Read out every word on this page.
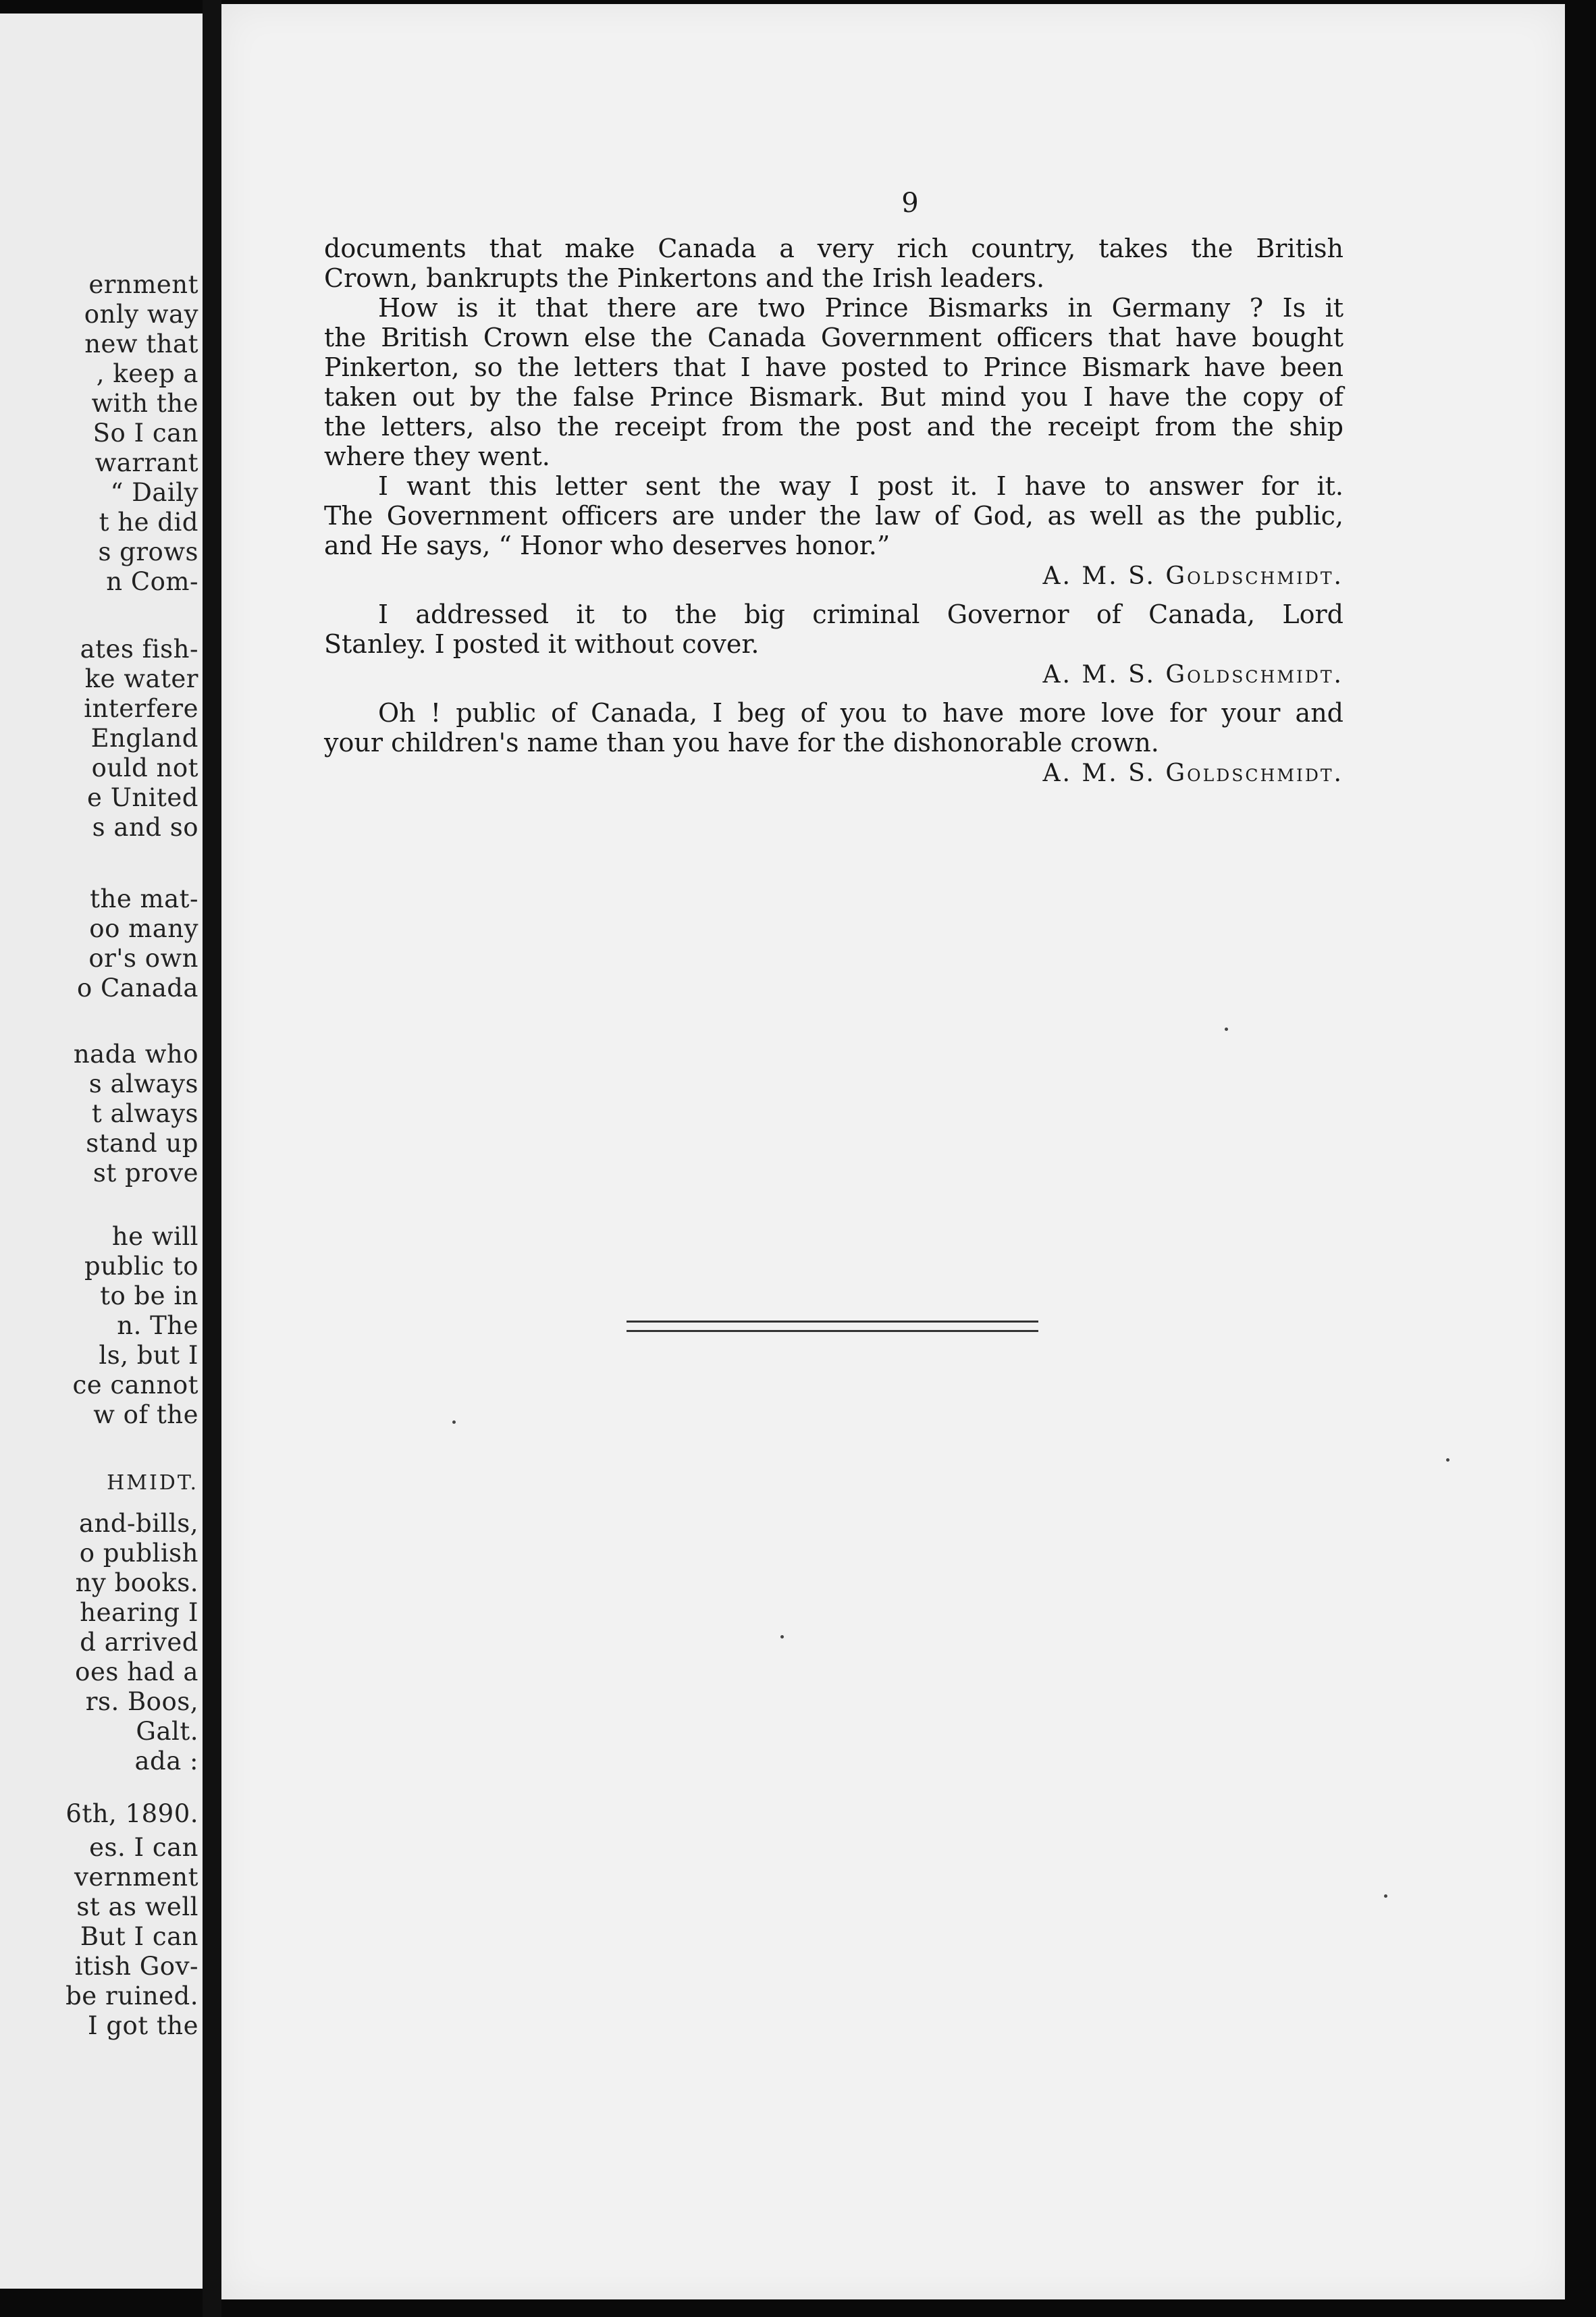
ernment
only way
new that
, keep a
with the
So I can
warrant
“ Daily
t he did
s grows
n Com-
ates fish-
ke water
interfere
England
ould not
e United
s and so
the mat-
oo many
or's own
o Canada
nada who
s always
t always
stand up
st prove
he will
public to
to be in
n. The
ls, but I
ce cannot
w of the
HMIDT.
and-bills,
o publish
ny books.
hearing I
d arrived
oes had a
rs. Boos,
Galt.
ada :
6th, 1890.
es. I can
vernment
st as well
But I can
itish Gov-
be ruined.
I got the
9
documents that make Canada a very rich country, takes the British
Crown, bankrupts the Pinkertons and the Irish leaders.
How is it that there are two Prince Bismarks in Germany ? Is it
the British Crown else the Canada Government officers that have bought
Pinkerton, so the letters that I have posted to Prince Bismark have been
taken out by the false Prince Bismark. But mind you I have the copy of
the letters, also the receipt from the post and the receipt from the ship
where they went.
I want this letter sent the way I post it. I have to answer for it.
The Government officers are under the law of God, as well as the public,
and He says, “ Honor who deserves honor.”
A. M. S. Goldschmidt.
I addressed it to the big criminal Governor of Canada, Lord
Stanley. I posted it without cover.
A. M. S. Goldschmidt.
Oh ! public of Canada, I beg of you to have more love for your and
your children's name than you have for the dishonorable crown.
A. M. S. Goldschmidt.
